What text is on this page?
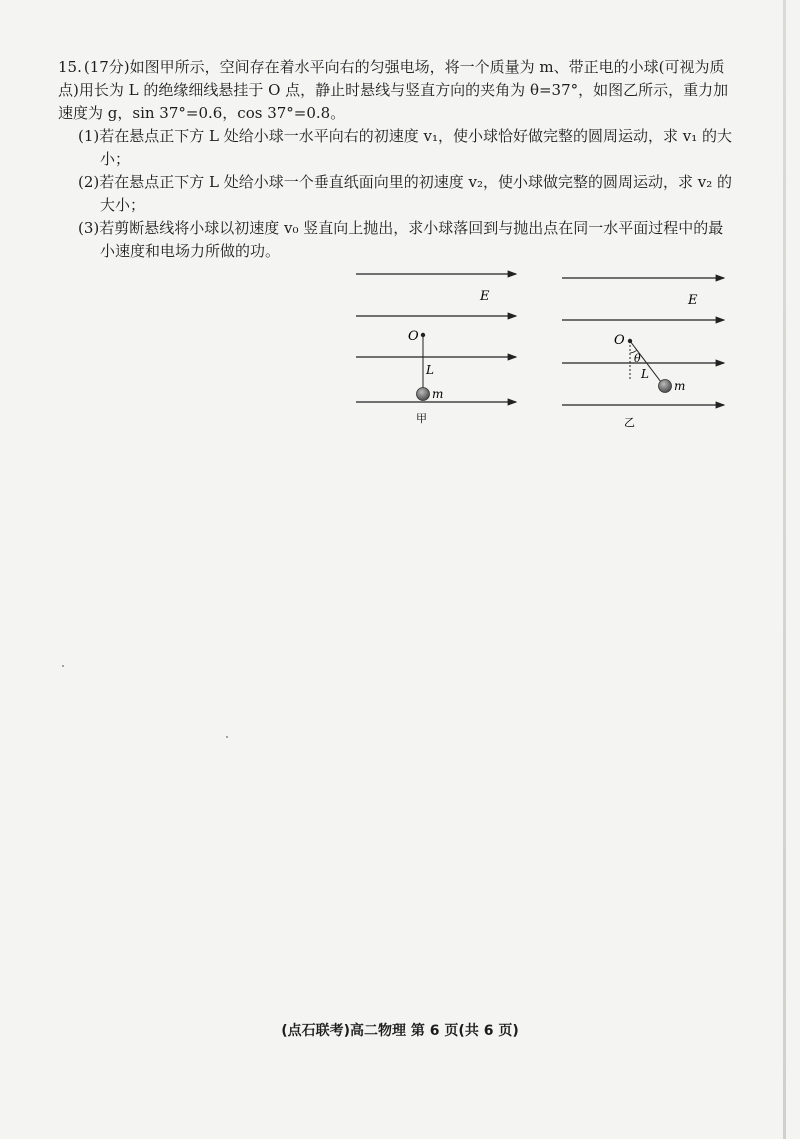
15. (17分)如图甲所示，空间存在着水平向右的匀强电场，将一个质量为 m、带正电的小球(可视为质点)用长为 L 的绝缘细线悬挂于 O 点，静止时悬线与竖直方向的夹角为 θ=37°，如图乙所示，重力加速度为 g，sin 37°=0.6，cos 37°=0.8。

(1)若在悬点正下方 L 处给小球一水平向右的初速度 v₁，使小球恰好做完整的圆周运动，求 v₁ 的大小；

(2)若在悬点正下方 L 处给小球一个垂直纸面向里的初速度 v₂，使小球做完整的圆周运动，求 v₂ 的大小；

(3)若剪断悬线将小球以初速度 v₀ 竖直向上抛出，求小球落回到与抛出点在同一水平面过程中的最小速度和电场力所做的功。

E
O
L
m
甲
E
O
θ
L
m
乙
(点石联考)高二物理 第 6 页(共 6 页)
